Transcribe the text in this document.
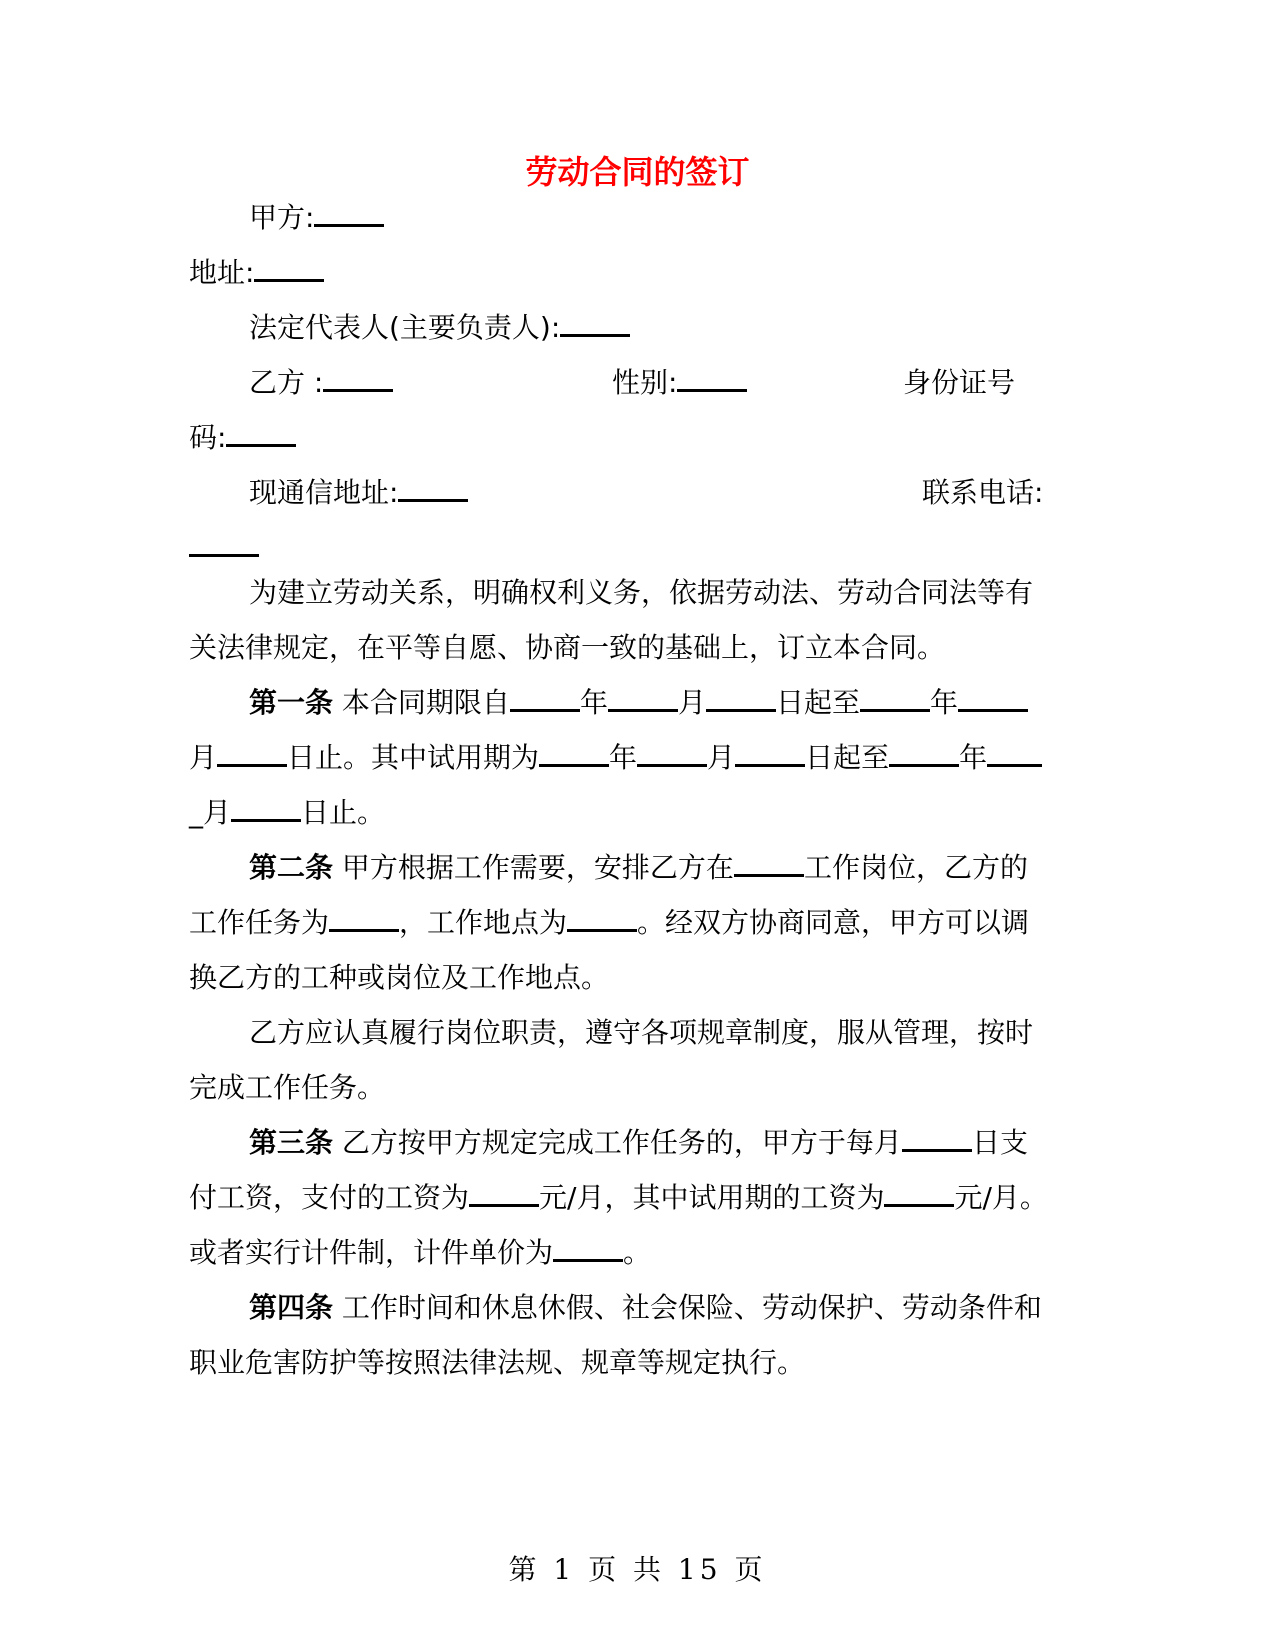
劳动合同的签订
甲方:
地址:
法定代表人(主要负责人):
乙方 :	性别:	身份证号
码:
现通信地址:	联系电话:
为建立劳动关系，明确权利义务，依据劳动法、劳动合同法等有
关法律规定，在平等自愿、协商一致的基础上，订立本合同。
第一条 本合同期限自	年	月	日起至	年
月	日止。其中试用期为	年	月	日起至	年
_月	日止。
第二条 甲方根据工作需要，安排乙方在	工作岗位，乙方的
工作任务为	，工作地点为	。经双方协商同意，甲方可以调
换乙方的工种或岗位及工作地点。
乙方应认真履行岗位职责，遵守各项规章制度，服从管理，按时
完成工作任务。
第三条 乙方按甲方规定完成工作任务的，甲方于每月	日支
付工资，支付的工资为	元/月，其中试用期的工资为	元/月。
或者实行计件制，计件单价为	。
第四条 工作时间和休息休假、社会保险、劳动保护、劳动条件和
职业危害防护等按照法律法规、规章等规定执行。
第 1 页 共 15 页
